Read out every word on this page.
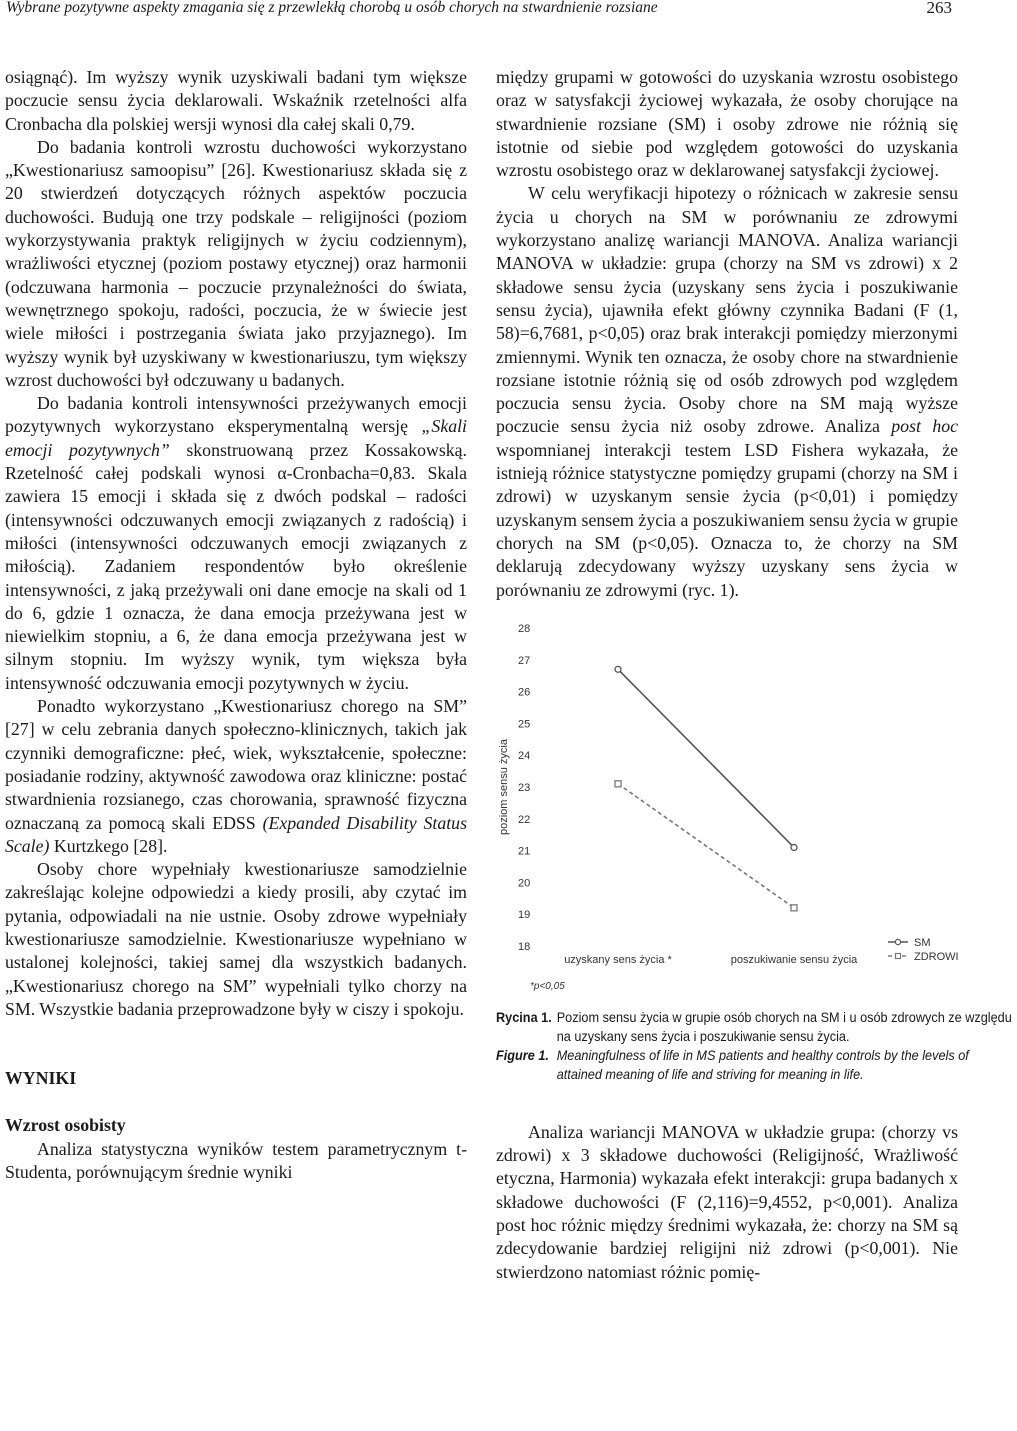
Wybrane pozytywne aspekty zmagania się z przewlekłą chorobą u osób chorych na stwardnienie rozsiane	263

osiągnąć). Im wyższy wynik uzyskiwali badani tym większe poczucie sensu życia deklarowali. Wskaźnik rzetelności alfa Cronbacha dla polskiej wersji wynosi dla całej skali 0,79.

Do badania kontroli wzrostu duchowości wykorzystano „Kwestionariusz samoopisu” [26]. Kwestionariusz składa się z 20 stwierdzeń dotyczących różnych aspektów poczucia duchowości. Budują one trzy podskale – religijności (poziom wykorzystywania praktyk religijnych w życiu codziennym), wrażliwości etycznej (poziom postawy etycznej) oraz harmonii (odczuwana harmonia – poczucie przynależności do świata, wewnętrznego spokoju, radości, poczucia, że w świecie jest wiele miłości i postrzegania świata jako przyjaznego). Im wyższy wynik był uzyskiwany w kwestionariuszu, tym większy wzrost duchowości był odczuwany u badanych.

Do badania kontroli intensywności przeżywanych emocji pozytywnych wykorzystano eksperymentalną wersję „Skali emocji pozytywnych” skonstruowaną przez Kossakowską. Rzetelność całej podskali wynosi α-Cronbacha=0,83. Skala zawiera 15 emocji i składa się z dwóch podskal – radości (intensywności odczuwanych emocji związanych z radością) i miłości (intensywności odczuwanych emocji związanych z miłością). Zadaniem respondentów było określenie intensywności, z jaką przeżywali oni dane emocje na skali od 1 do 6, gdzie 1 oznacza, że dana emocja przeżywana jest w niewielkim stopniu, a 6, że dana emocja przeżywana jest w silnym stopniu. Im wyższy wynik, tym większa była intensywność odczuwania emocji pozytywnych w życiu.

Ponadto wykorzystano „Kwestionariusz chorego na SM” [27] w celu zebrania danych społeczno-klinicznych, takich jak czynniki demograficzne: płeć, wiek, wykształcenie, społeczne: posiadanie rodziny, aktywność zawodowa oraz kliniczne: postać stwardnienia rozsianego, czas chorowania, sprawność fizyczna oznaczaną za pomocą skali EDSS (Expanded Disability Status Scale) Kurtzkego [28].

Osoby chore wypełniały kwestionariusze samodzielnie zakreślając kolejne odpowiedzi a kiedy prosili, aby czytać im pytania, odpowiadali na nie ustnie. Osoby zdrowe wypełniały kwestionariusze samodzielnie. Kwestionariusze wypełniano w ustalonej kolejności, takiej samej dla wszystkich badanych. „Kwestionariusz chorego na SM” wypełniali tylko chorzy na SM. Wszystkie badania przeprowadzone były w ciszy i spokoju.

WYNIKI

Wzrost osobisty

Analiza statystyczna wyników testem parametrycznym t-Studenta, porównującym średnie wyniki

między grupami w gotowości do uzyskania wzrostu osobistego oraz w satysfakcji życiowej wykazała, że osoby chorujące na stwardnienie rozsiane (SM) i osoby zdrowe nie różnią się istotnie od siebie pod względem gotowości do uzyskania wzrostu osobistego oraz w deklarowanej satysfakcji życiowej.

W celu weryfikacji hipotezy o różnicach w zakresie sensu życia u chorych na SM w porównaniu ze zdrowymi wykorzystano analizę wariancji MANOVA. Analiza wariancji MANOVA w układzie: grupa (chorzy na SM vs zdrowi) x 2 składowe sensu życia (uzyskany sens życia i poszukiwanie sensu życia), ujawniła efekt główny czynnika Badani (F (1, 58)=6,7681, p<0,05) oraz brak interakcji pomiędzy mierzonymi zmiennymi. Wynik ten oznacza, że osoby chore na stwardnienie rozsiane istotnie różnią się od osób zdrowych pod względem poczucia sensu życia. Osoby chore na SM mają wyższe poczucie sensu życia niż osoby zdrowe. Analiza post hoc wspomnianej interakcji testem LSD Fishera wykazała, że istnieją różnice statystyczne pomiędzy grupami (chorzy na SM i zdrowi) w uzyskanym sensie życia (p<0,01) i pomiędzy uzyskanym sensem życia a poszukiwaniem sensu życia w grupie chorych na SM (p<0,05). Oznacza to, że chorzy na SM deklarują zdecydowany wyższy uzyskany sens życia w porównaniu ze zdrowymi (ryc. 1).

poziom sensu życia
18
19
20
21
22
23
24
25
26
27
28
uzyskany sens życia *	poszukiwanie sensu życia
*p<0,05
SM
ZDROWI

Rycina 1. Poziom sensu życia w grupie osób chorych na SM i u osób zdrowych ze względu na uzyskany sens życia i poszukiwanie sensu życia.

Figure 1. Meaningfulness of life in MS patients and healthy controls by the levels of attained meaning of life and striving for meaning in life.

Analiza wariancji MANOVA w układzie grupa: (chorzy vs zdrowi) x 3 składowe duchowości (Religijność, Wrażliwość etyczna, Harmonia) wykazała efekt interakcji: grupa badanych x składowe duchowości (F (2,116)=9,4552, p<0,001). Analiza post hoc różnic między średnimi wykazała, że: chorzy na SM są zdecydowanie bardziej religijni niż zdrowi (p<0,001). Nie stwierdzono natomiast różnic pomię-
